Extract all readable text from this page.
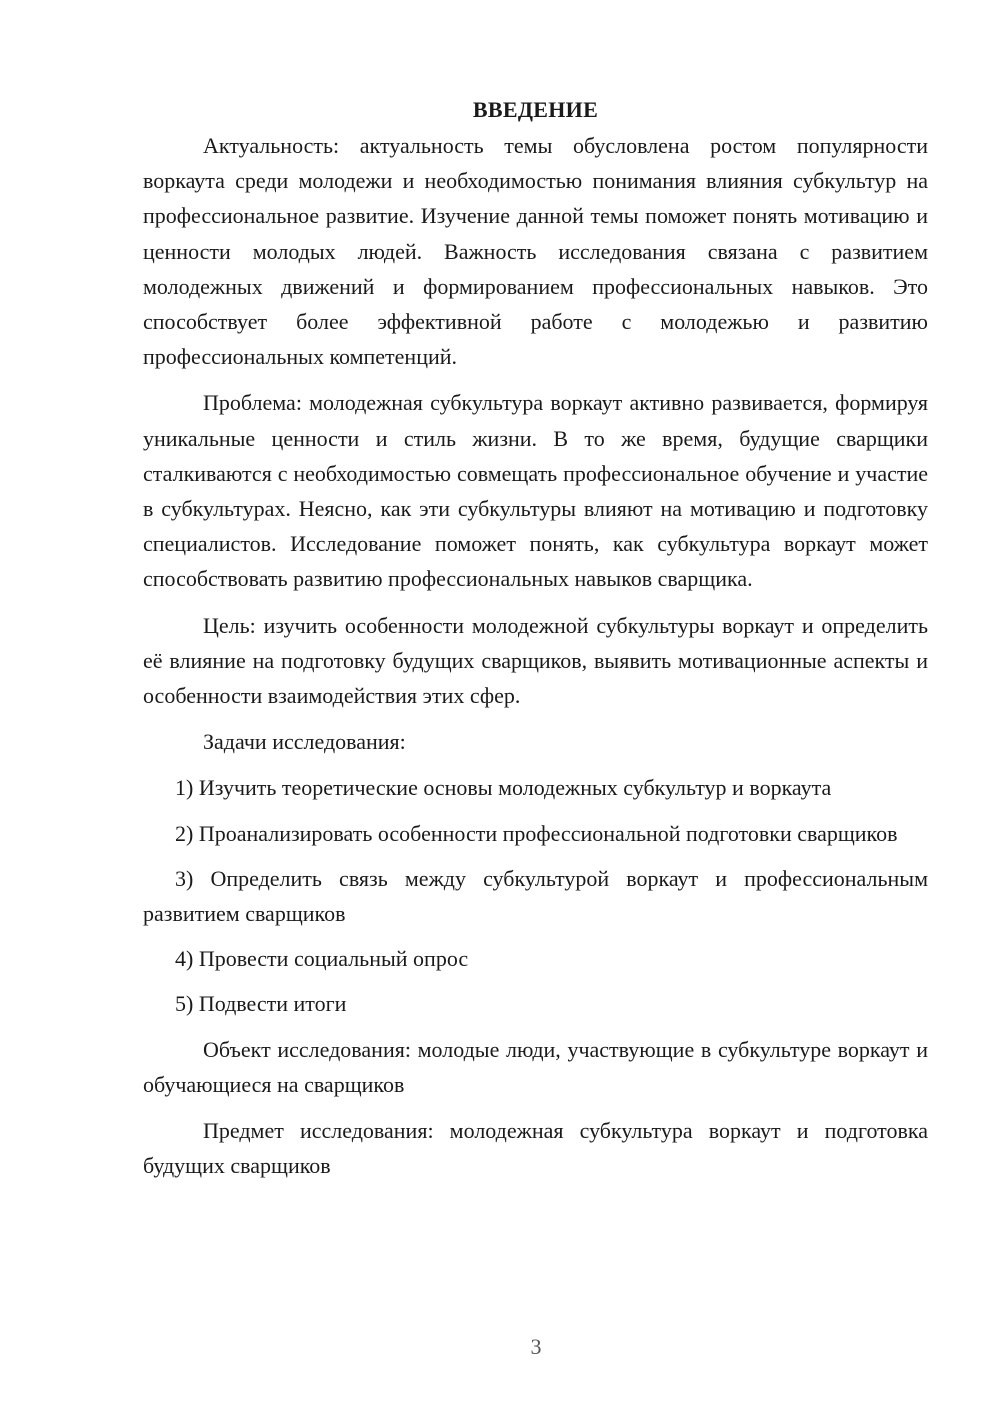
ВВЕДЕНИЕ

Актуальность: актуальность темы обусловлена ростом популярности воркаута среди молодежи и необходимостью понимания влияния субкультур на профессиональное развитие. Изучение данной темы поможет понять мотивацию и ценности молодых людей. Важность исследования связана с развитием молодежных движений и формированием профессиональных навыков. Это способствует более эффективной работе с молодежью и развитию профессиональных компетенций.

Проблема: молодежная субкультура воркаут активно развивается, формируя уникальные ценности и стиль жизни. В то же время, будущие сварщики сталкиваются с необходимостью совмещать профессиональное обучение и участие в субкультурах. Неясно, как эти субкультуры влияют на мотивацию и подготовку специалистов. Исследование поможет понять, как субкультура воркаут может способствовать развитию профессиональных навыков сварщика.

Цель: изучить особенности молодежной субкультуры воркаут и определить её влияние на подготовку будущих сварщиков, выявить мотивационные аспекты и особенности взаимодействия этих сфер.

Задачи исследования:

1) Изучить теоретические основы молодежных субкультур и воркаута

2) Проанализировать особенности профессиональной подготовки сварщиков

3) Определить связь между субкультурой воркаут и профессиональным развитием сварщиков

4) Провести социальный опрос

5) Подвести итоги

Объект исследования: молодые люди, участвующие в субкультуре воркаут и обучающиеся на сварщиков

Предмет исследования: молодежная субкультура воркаут и подготовка будущих сварщиков

3
